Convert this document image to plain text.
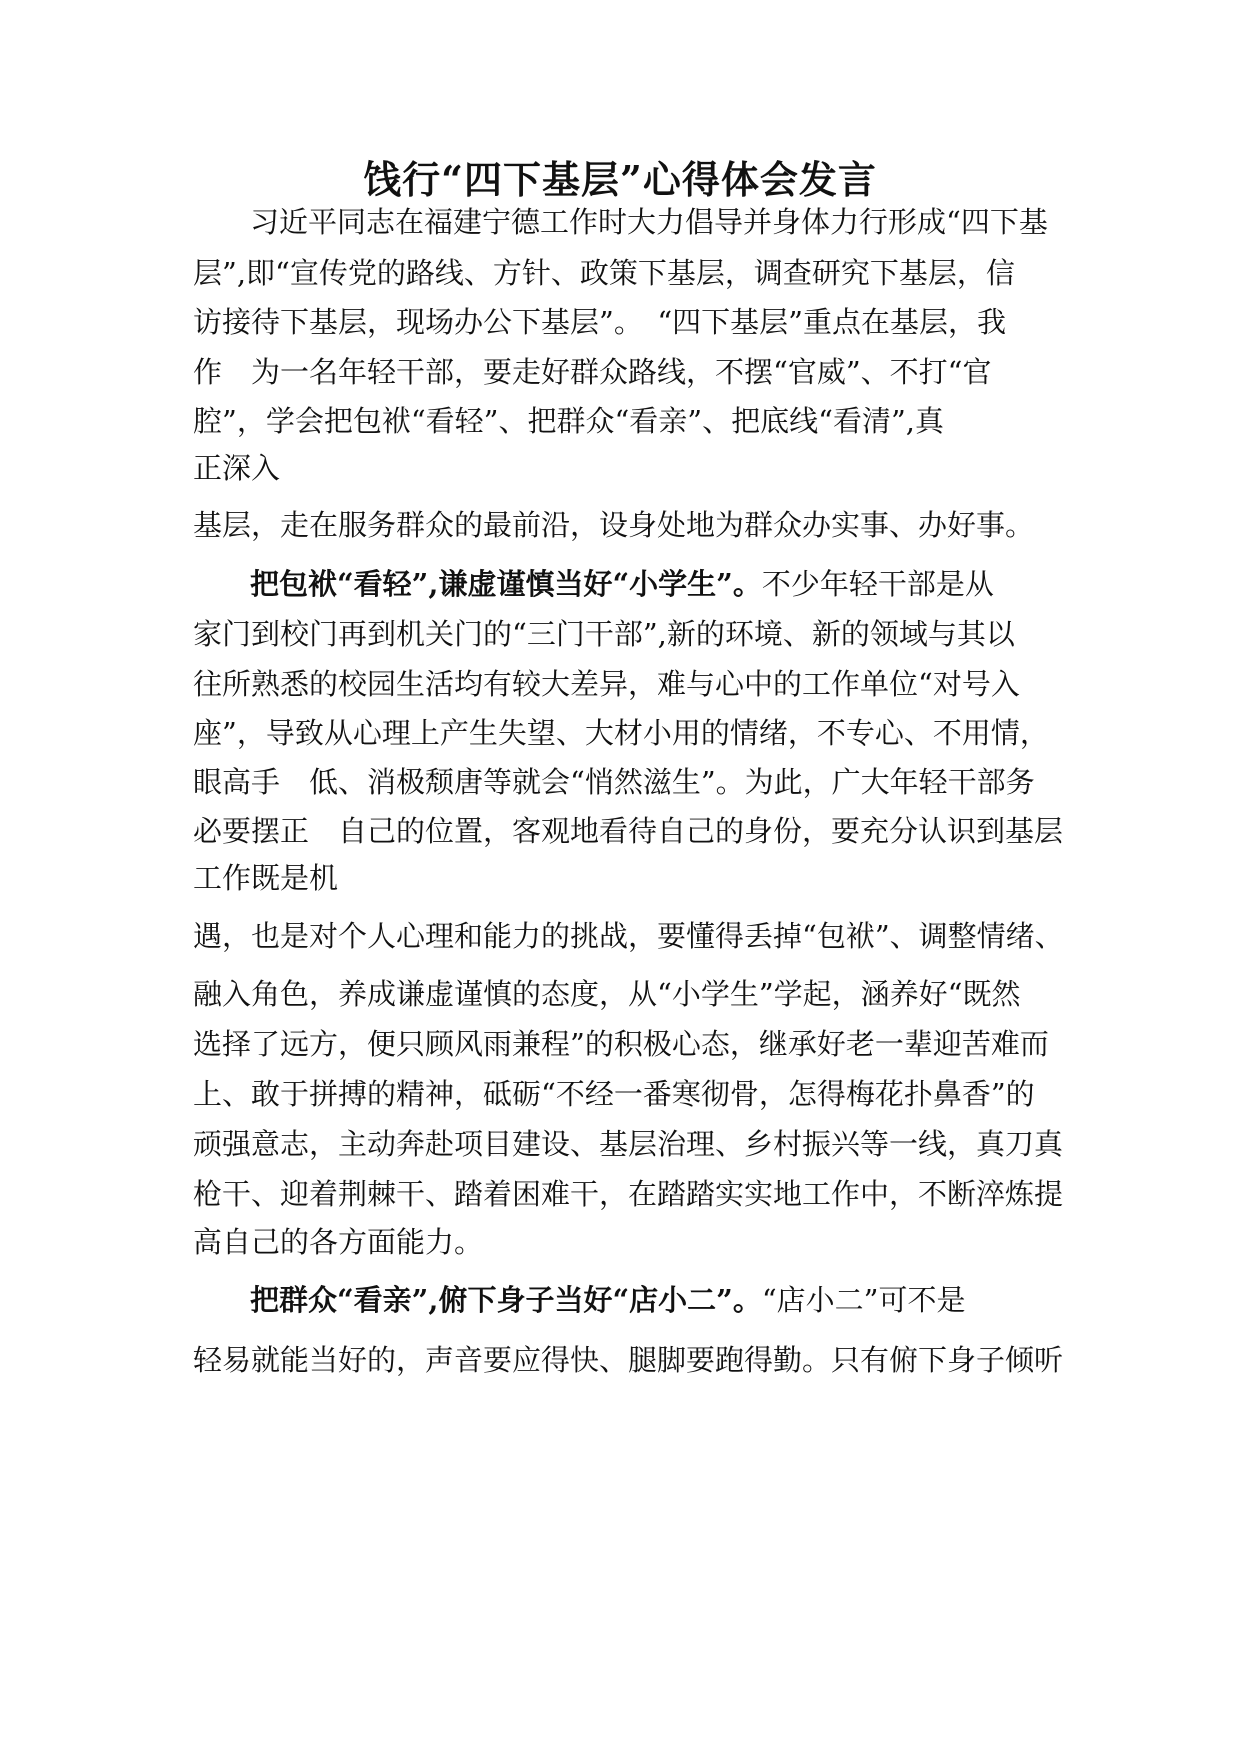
饯行“四下基层”心得体会发言

习近平同志在福建宁德工作时大力倡导并身体力行形成“四下基

层”,即“宣传党的路线、方针、政策下基层，调查研究下基层，信

访接待下基层，现场办公下基层”。　“四下基层”重点在基层，我

作　为一名年轻干部，要走好群众路线，不摆“官威”、不打“官

腔”，学会把包袱“看轻”、把群众“看亲”、把底线“看清”,真

正深入

基层，走在服务群众的最前沿，设身处地为群众办实事、办好事。

把包袱“看轻”,谦虚谨慎当好“小学生”。不少年轻干部是从

家门到校门再到机关门的“三门干部”,新的环境、新的领域与其以

往所熟悉的校园生活均有较大差异，难与心中的工作单位“对号入

座”，导致从心理上产生失望、大材小用的情绪，不专心、不用情，

眼高手　低、消极颓唐等就会“悄然滋生”。为此，广大年轻干部务

必要摆正　自己的位置，客观地看待自己的身份，要充分认识到基层

工作既是机

遇，也是对个人心理和能力的挑战，要懂得丢掉“包袱”、调整情绪、

融入角色，养成谦虚谨慎的态度，从“小学生”学起，涵养好“既然

选择了远方，便只顾风雨兼程”的积极心态，继承好老一辈迎苦难而

上、敢于拼搏的精神，砥砺“不经一番寒彻骨，怎得梅花扑鼻香”的

顽强意志，主动奔赴项目建设、基层治理、乡村振兴等一线，真刀真

枪干、迎着荆棘干、踏着困难干，在踏踏实实地工作中，不断淬炼提

高自己的各方面能力。

把群众“看亲”,俯下身子当好“店小二”。“店小二”可不是

轻易就能当好的，声音要应得快、腿脚要跑得勤。只有俯下身子倾听
